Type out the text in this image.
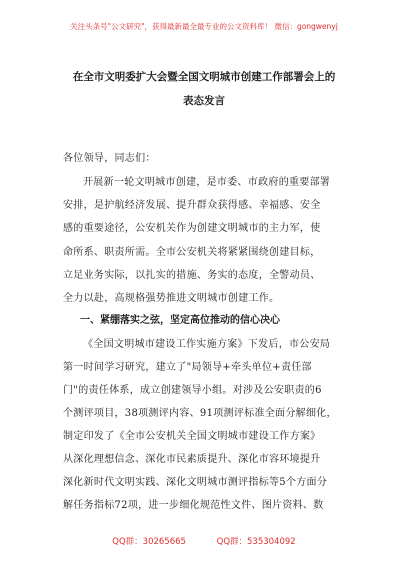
关注头条号"公文研究"，获得最新最全最专业的公文资料库！ 微信：gongwenyj
在全市文明委扩大会暨全国文明城市创建工作部署会上的
表态发言
各位领导，同志们：
开展新一轮文明城市创建，是市委、市政府的重要部署
安排，是护航经济发展、提升群众获得感、幸福感、安全
感的重要途径，公安机关作为创建文明城市的主力军，使
命所系、职责所需。全市公安机关将紧紧围绕创建目标，
立足业务实际，以扎实的措施、务实的态度，全警动员、
全力以赴，高规格强势推进文明城市创建工作。
一、紧绷落实之弦，坚定高位推动的信心决心
《全国文明城市建设工作实施方案》下发后，市公安局
第一时间学习研究，建立了"局领导+牵头单位+责任部
门"的责任体系，成立创建领导小组。对涉及公安职责的6
个测评项目，38项测评内容、91项测评标准全面分解细化，
制定印发了《全市公安机关全国文明城市建设工作方案》
从深化理想信念、深化市民素质提升、深化市容环境提升
深化新时代文明实践、深化文明城市测评指标等5个方面分
解任务指标72项，进一步细化规范性文件、图片资料、数
QQ群：30265665	QQ群：535304092
